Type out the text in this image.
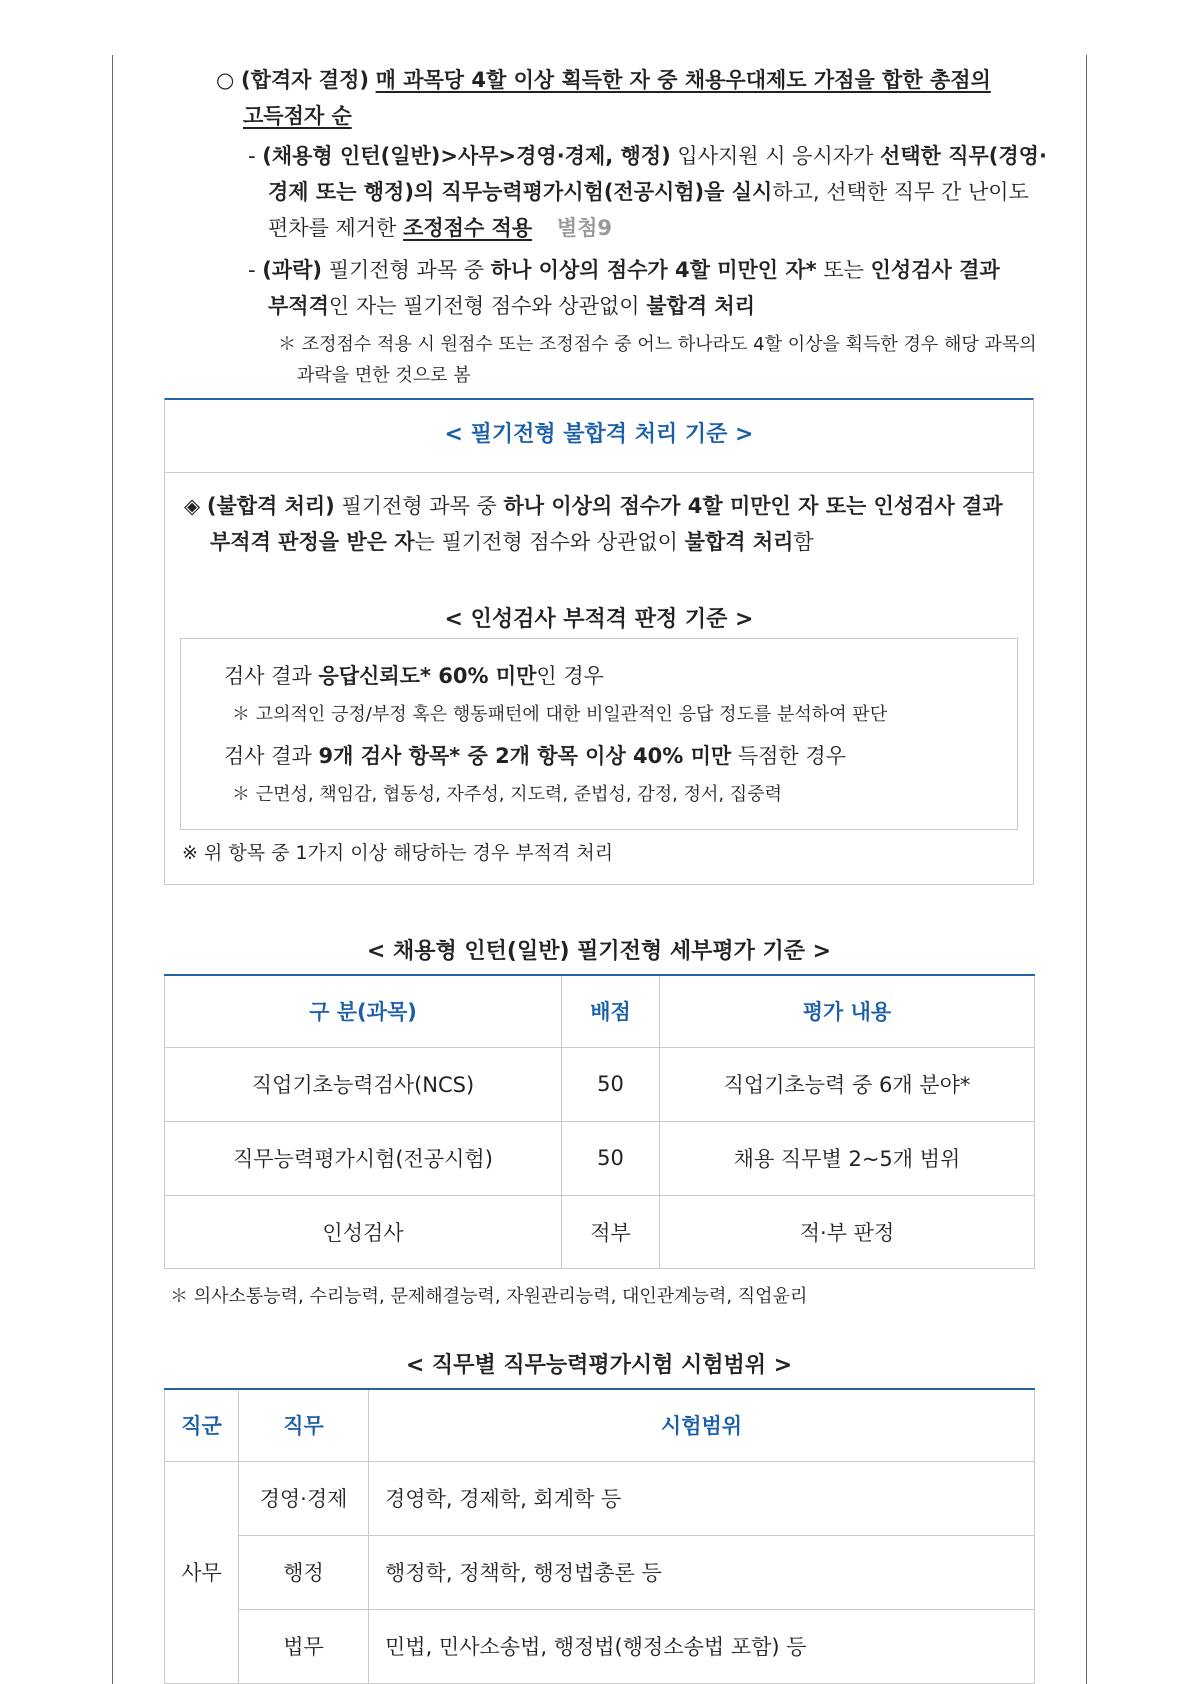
○ (합격자 결정) 매 과목당 4할 이상 획득한 자 중 채용우대제도 가점을 합한 총점의
고득점자 순
- (채용형 인턴(일반)>사무>경영·경제, 행정) 입사지원 시 응시자가 선택한 직무(경영·
경제 또는 행정)의 직무능력평가시험(전공시험)을 실시하고, 선택한 직무 간 난이도
편차를 제거한 조정점수 적용 별첨9
- (과락) 필기전형 과목 중 하나 이상의 점수가 4할 미만인 자* 또는 인성검사 결과
부적격인 자는 필기전형 점수와 상관없이 불합격 처리
＊ 조정점수 적용 시 원점수 또는 조정점수 중 어느 하나라도 4할 이상을 획득한 경우 해당 과목의
과락을 면한 것으로 봄
< 필기전형 불합격 처리 기준 >
◈ (불합격 처리) 필기전형 과목 중 하나 이상의 점수가 4할 미만인 자 또는 인성검사 결과
부적격 판정을 받은 자는 필기전형 점수와 상관없이 불합격 처리함
< 인성검사 부적격 판정 기준 >
검사 결과 응답신뢰도* 60% 미만인 경우
＊ 고의적인 긍정/부정 혹은 행동패턴에 대한 비일관적인 응답 정도를 분석하여 판단
검사 결과 9개 검사 항목* 중 2개 항목 이상 40% 미만 득점한 경우
＊ 근면성, 책임감, 협동성, 자주성, 지도력, 준법성, 감정, 정서, 집중력
※ 위 항목 중 1가지 이상 해당하는 경우 부적격 처리
< 채용형 인턴(일반) 필기전형 세부평가 기준 >
구 분(과목)	배점	평가 내용
직업기초능력검사(NCS)	50	직업기초능력 중 6개 분야*
직무능력평가시험(전공시험)	50	채용 직무별 2~5개 범위
인성검사	적부	적·부 판정
＊ 의사소통능력, 수리능력, 문제해결능력, 자원관리능력, 대인관계능력, 직업윤리
< 직무별 직무능력평가시험 시험범위 >
직군	직무	시험범위
사무	경영·경제	경영학, 경제학, 회계학 등
	행정	행정학, 정책학, 행정법총론 등
	법무	민법, 민사소송법, 행정법(행정소송법 포함) 등
